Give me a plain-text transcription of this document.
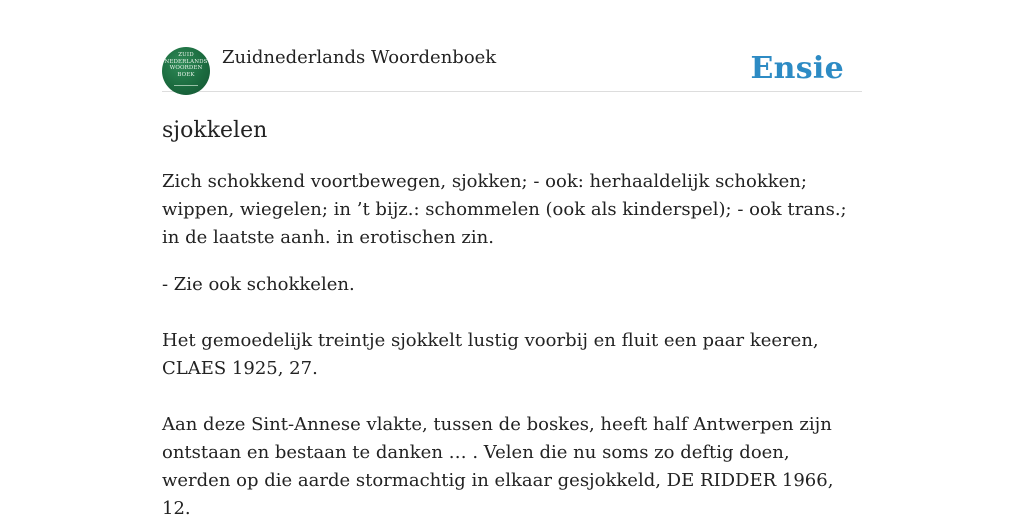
ZUID
NEDERLANDS
WOORDEN
BOEK
Zuidnederlands Woordenboek	Ensie
sjokkelen

Zich schokkend voortbewegen, sjokken; - ook: herhaaldelijk schokken; wippen, wiegelen; in ’t bijz.: schommelen (ook als kinderspel); - ook trans.; in de laatste aanh. in erotischen zin.

- Zie ook schokkelen.

Het gemoedelijk treintje sjokkelt lustig voorbij en fluit een paar keeren, CLAES 1925, 27.

Aan deze Sint-Annese vlakte, tussen de boskes, heeft half Antwerpen zijn ontstaan en bestaan te danken … . Velen die nu soms zo deftig doen, werden op die aarde stormachtig in elkaar gesjokkeld, DE RIDDER 1966, 12.
